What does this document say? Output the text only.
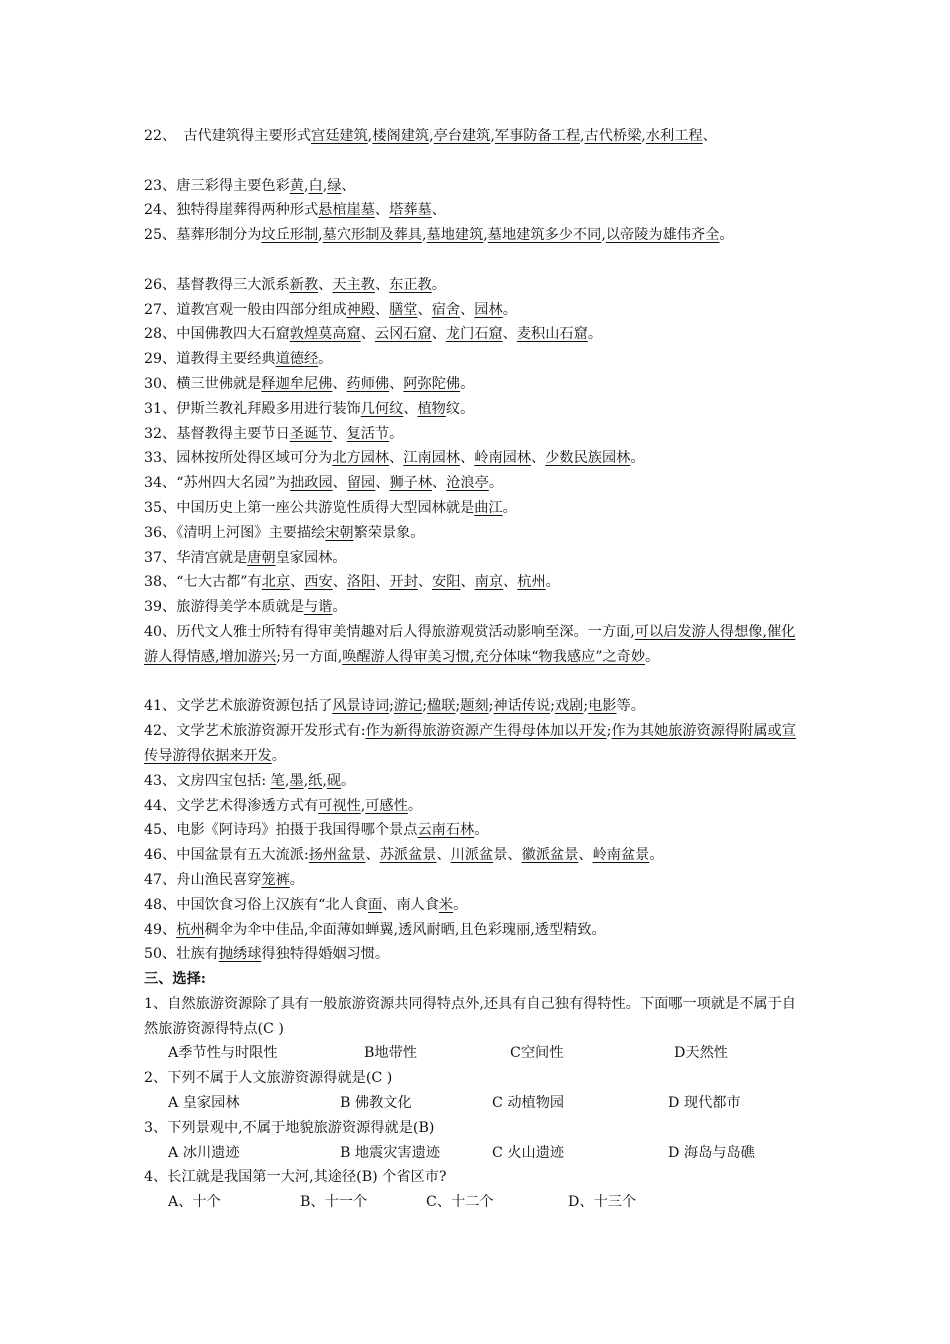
22、　古代建筑得主要形式宫廷建筑,楼阁建筑,亭台建筑,军事防备工程,古代桥梁,水利工程、
23、唐三彩得主要色彩黄,白,绿、
24、独特得崖葬得两种形式悬棺崖墓、塔葬墓、
25、墓葬形制分为坟丘形制,墓穴形制及葬具,墓地建筑,墓地建筑多少不同,以帝陵为雄伟齐全。
26、基督教得三大派系新教、天主教、东正教。
27、道教宫观一般由四部分组成神殿、膳堂、宿舍、园林。
28、中国佛教四大石窟敦煌莫高窟、云冈石窟、龙门石窟、麦积山石窟。
29、道教得主要经典道德经。
30、横三世佛就是释迦牟尼佛、药师佛、阿弥陀佛。
31、伊斯兰教礼拜殿多用进行装饰几何纹、植物纹。
32、基督教得主要节日圣诞节、复活节。
33、园林按所处得区域可分为北方园林、江南园林、岭南园林、少数民族园林。
34、“苏州四大名园”为拙政园、留园、狮子林、沧浪亭。
35、中国历史上第一座公共游览性质得大型园林就是曲江。
36、《清明上河图》主要描绘宋朝繁荣景象。
37、华清宫就是唐朝皇家园林。
38、“七大古都”有北京、西安、洛阳、开封、安阳、南京、杭州。
39、旅游得美学本质就是与谐。
40、历代文人雅士所特有得审美情趣对后人得旅游观赏活动影响至深。一方面,可以启发游人得想像,催化游人得情感,增加游兴;另一方面,唤醒游人得审美习惯,充分体味“物我感应”之奇妙。
41、文学艺术旅游资源包括了风景诗词;游记;楹联;题刻;神话传说;戏剧;电影等。
42、文学艺术旅游资源开发形式有:作为新得旅游资源产生得母体加以开发;作为其她旅游资源得附属或宣传导游得依据来开发。
43、文房四宝包括: 笔,墨,纸,砚。
44、文学艺术得渗透方式有可视性,可感性。
45、电影《阿诗玛》拍摄于我国得哪个景点云南石林。
46、中国盆景有五大流派:扬州盆景、苏派盆景、川派盆景、徽派盆景、岭南盆景。
47、舟山渔民喜穿笼裤。
48、中国饮食习俗上汉族有“北人食面、南人食米。
49、杭州稠伞为伞中佳品,伞面薄如蝉翼,透风耐晒,且色彩瑰丽,透型精致。
50、壮族有抛绣球得独特得婚姻习惯。
三、选择:
1、自然旅游资源除了具有一般旅游资源共同得特点外,还具有自己独有得特性。下面哪一项就是不属于自然旅游资源得特点(C )
A季节性与时限性	B地带性	C空间性	D天然性
2、下列不属于人文旅游资源得就是(C )
A 皇家园林	B 佛教文化	C 动植物园	D 现代都市
3、下列景观中,不属于地貌旅游资源得就是(B)
A 冰川遗迹	B 地震灾害遗迹	C 火山遗迹	D 海岛与岛礁
4、长江就是我国第一大河,其途径(B) 个省区市?
A、十个	B、十一个	C、十二个	D、十三个
